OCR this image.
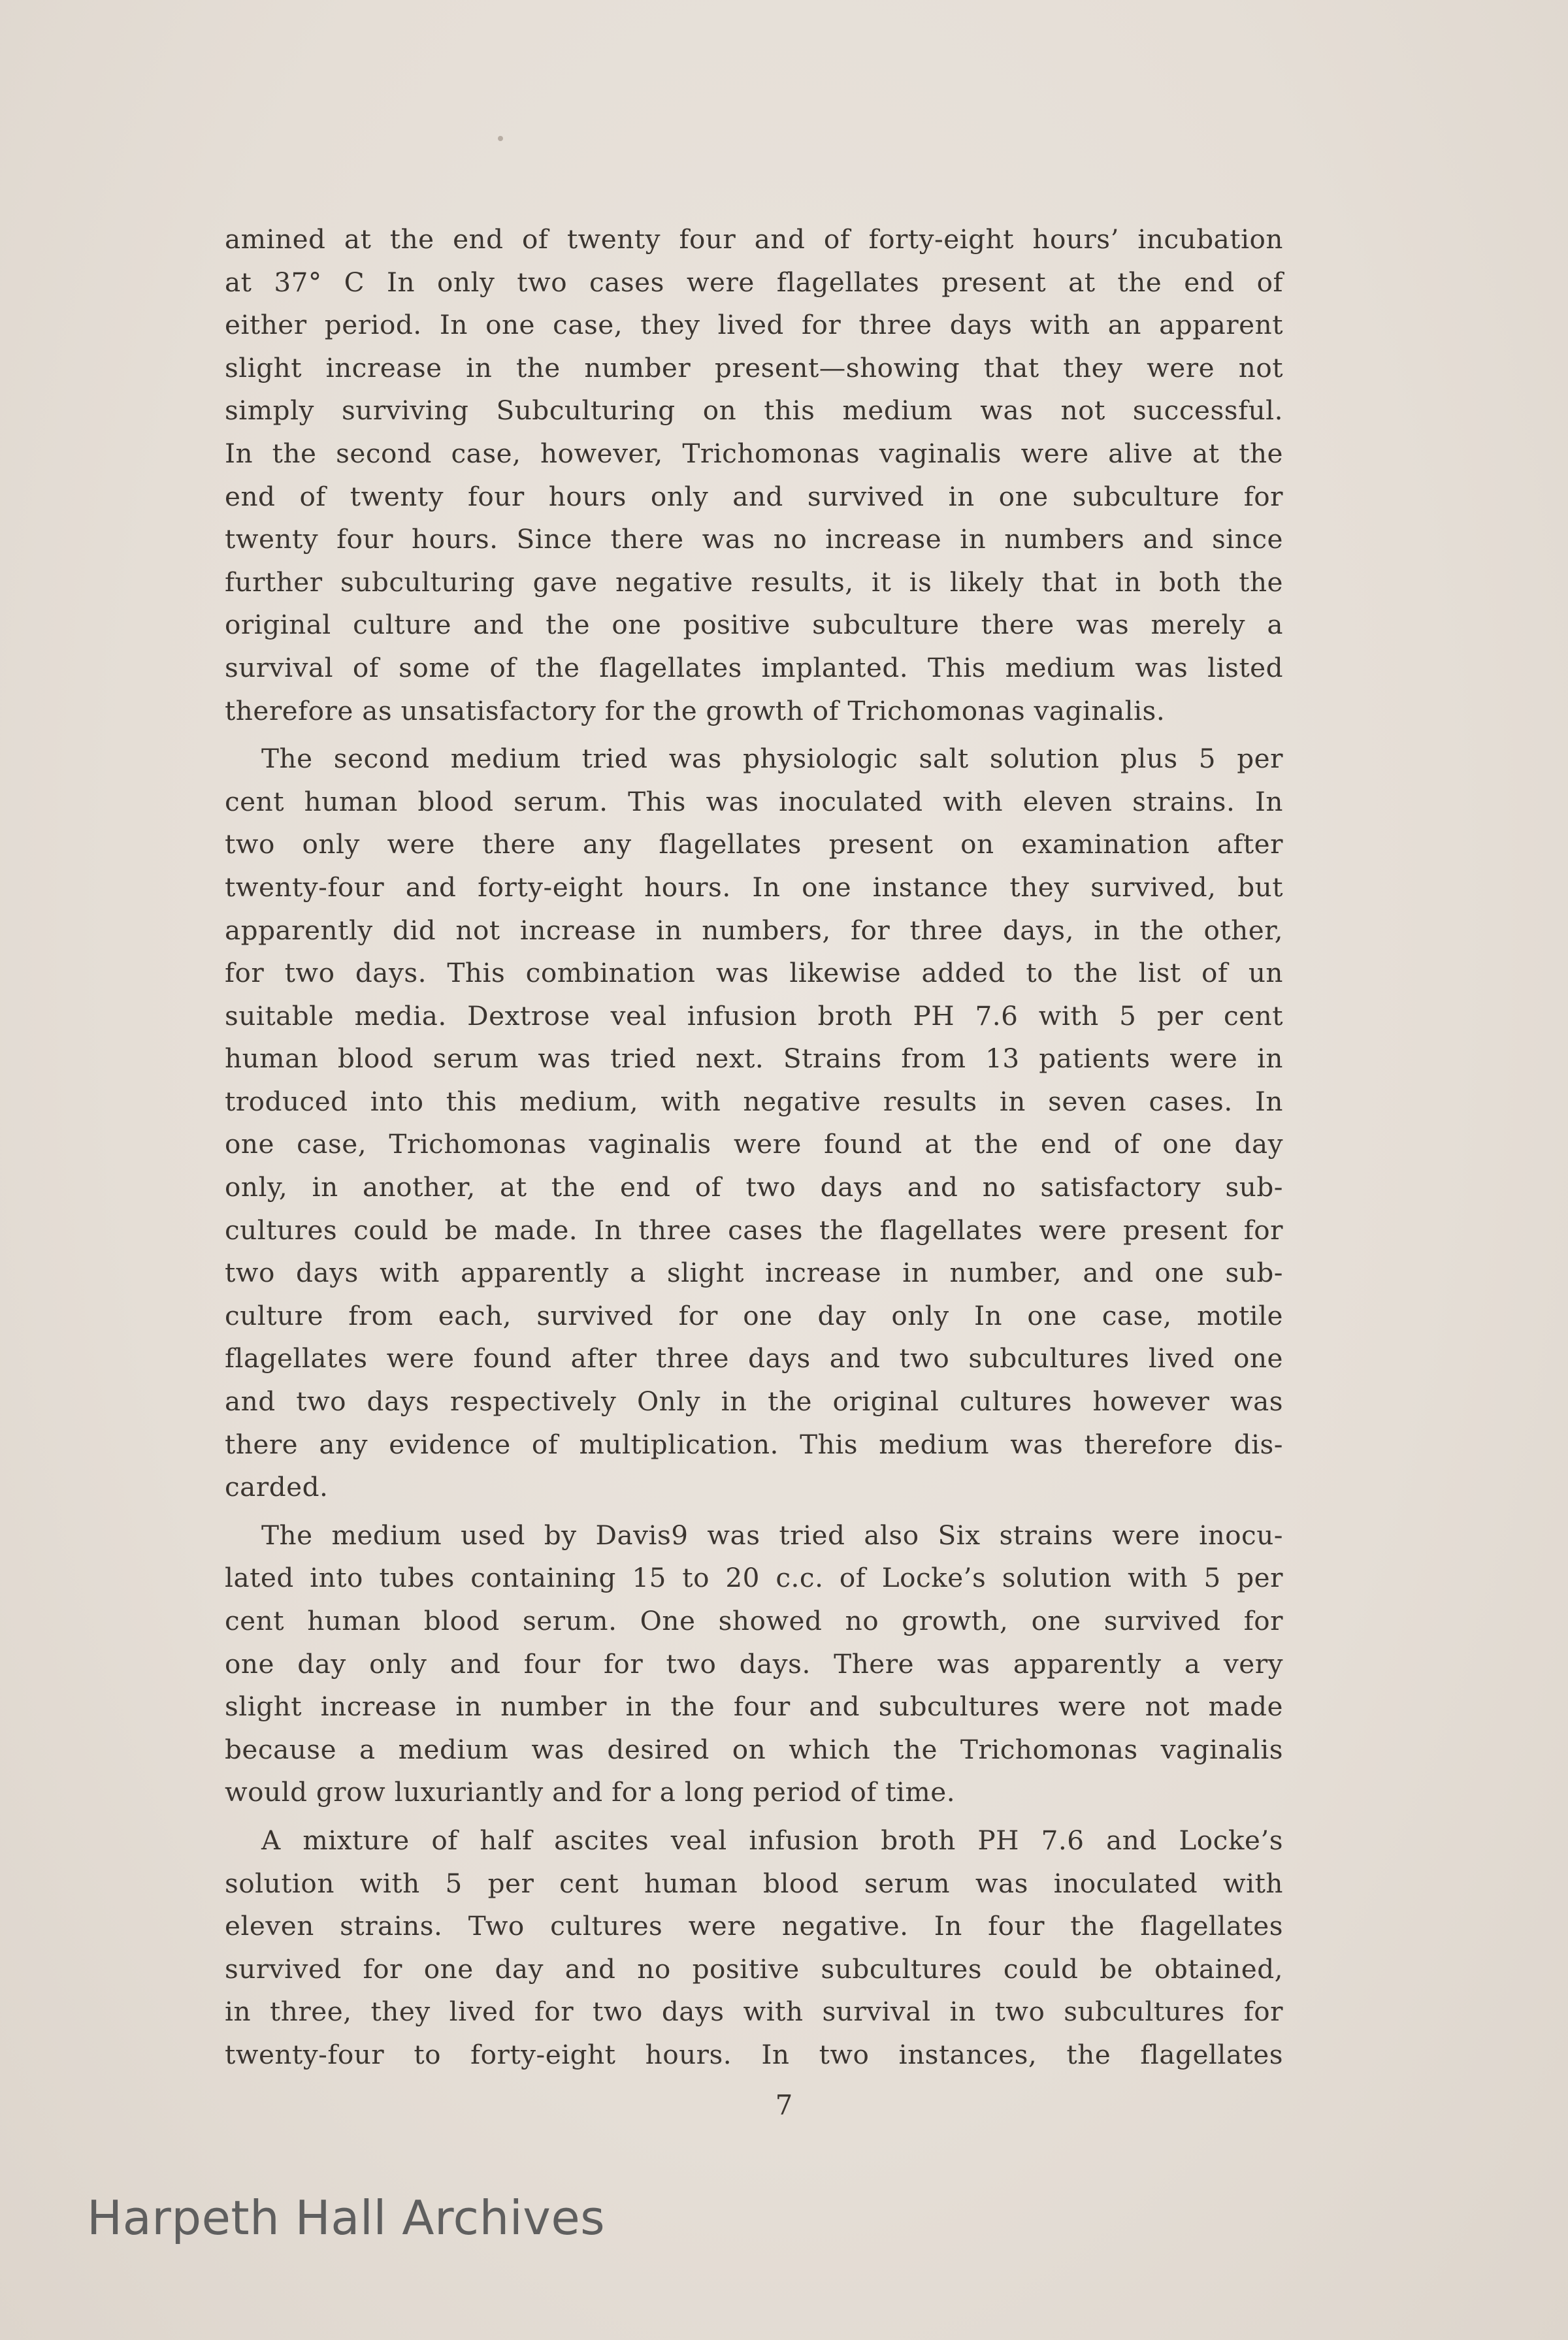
amined at the end of twenty four and of forty-eight hours’ incubation
at 37° C In only two cases were flagellates present at the end of
either period. In one case, they lived for three days with an apparent
slight increase in the number present—showing that they were not
simply surviving Subculturing on this medium was not successful.
In the second case, however, Trichomonas vaginalis were alive at the
end of twenty four hours only and survived in one subculture for
twenty four hours. Since there was no increase in numbers and since
further subculturing gave negative results, it is likely that in both the
original culture and the one positive subculture there was merely a
survival of some of the flagellates implanted. This medium was listed
therefore as unsatisfactory for the growth of Trichomonas vaginalis.
The second medium tried was physiologic salt solution plus 5 per
cent human blood serum. This was inoculated with eleven strains. In
two only were there any flagellates present on examination after
twenty-four and forty-eight hours. In one instance they survived, but
apparently did not increase in numbers, for three days, in the other,
for two days. This combination was likewise added to the list of un
suitable media. Dextrose veal infusion broth PH 7.6 with 5 per cent
human blood serum was tried next. Strains from 13 patients were in
troduced into this medium, with negative results in seven cases. In
one case, Trichomonas vaginalis were found at the end of one day
only, in another, at the end of two days and no satisfactory sub-
cultures could be made. In three cases the flagellates were present for
two days with apparently a slight increase in number, and one sub-
culture from each, survived for one day only In one case, motile
flagellates were found after three days and two subcultures lived one
and two days respectively Only in the original cultures however was
there any evidence of multiplication. This medium was therefore dis-
carded.
The medium used by Davis9 was tried also Six strains were inocu-
lated into tubes containing 15 to 20 c.c. of Locke’s solution with 5 per
cent human blood serum. One showed no growth, one survived for
one day only and four for two days. There was apparently a very
slight increase in number in the four and subcultures were not made
because a medium was desired on which the Trichomonas vaginalis
would grow luxuriantly and for a long period of time.
A mixture of half ascites veal infusion broth PH 7.6 and Locke’s
solution with 5 per cent human blood serum was inoculated with
eleven strains. Two cultures were negative. In four the flagellates
survived for one day and no positive subcultures could be obtained,
in three, they lived for two days with survival in two subcultures for
twenty-four to forty-eight hours. In two instances, the flagellates
7
Harpeth Hall Archives
